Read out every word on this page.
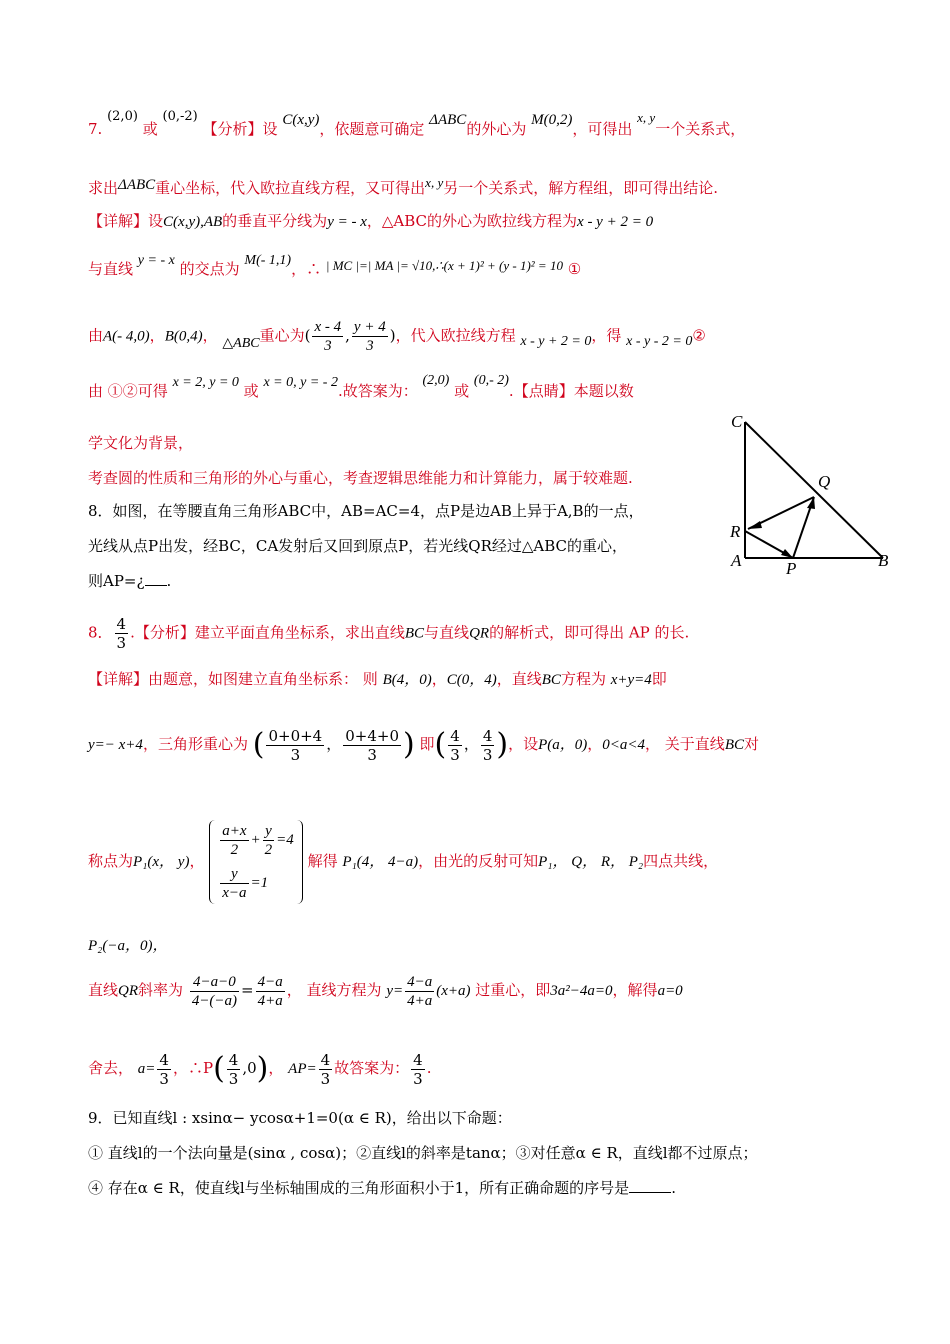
7. (2,0) 或 (0,-2) 【分析】设 C(x,y)，依题意可确定 ΔABC的外心为 M(0,2)，可得出 x, y一个关系式，
求出ΔABC重心坐标，代入欧拉直线方程，又可得出x, y另一个关系式，解方程组，即可得出结论.
【详解】设C(x,y),AB的垂直平分线为y = - x，△ABC的外心为欧拉线方程为x - y + 2 = 0
与直线 y = - x 的交点为 M(- 1,1)，∴ | MC |=| MA |= √10,∴(x + 1)² + (y - 1)² = 10 ①
由A(- 4,0)，B(0,4)， △ABC重心为( $\frac{x - 4}{3}$ , $\frac{y + 4}{3}$ )，代入欧拉线方程 x - y + 2 = 0，得 x - y - 2 = 0②
由 ①②可得 x = 2, y = 0 或 x = 0, y = - 2.故答案为： (2,0) 或 (0,- 2).【点睛】本题以数
学文化为背景，
考查圆的性质和三角形的外心与重心，考查逻辑思维能力和计算能力，属于较难题.
8．如图，在等腰直角三角形ABC中，AB=AC=4，点P是边AB上异于A,B的一点，
光线从点P出发，经BC，CA发射后又回到原点P，若光线QR经过△ABC的重心，
则AP=¿ .
C
Q
R
A	P	B
8． $\frac{4}{3}$ .【分析】建立平面直角坐标系，求出直线BC与直线QR的解析式，即可得出 AP 的长.
【详解】由题意，如图建立直角坐标系： 则 B(4，0)，C(0，4)，直线BC方程为 x+y=4即
y=− x+4，三角形重心为 ( $\frac{0+0+4}{3}$ ， $\frac{0+4+0}{3}$ ) 即( $\frac{4}{3}$ ， $\frac{4}{3}$ )，设P(a，0)，0<a<4， 关于直线BC对
称点为P₁(x， y)，
$\frac{a+x}{2} + \frac{y}{2} =4$
$\frac{y}{x-a} =1$
解得 P₁(4， 4−a)，由光的反射可知P₁， Q， R， P₂四点共线，
P₂(−a，0)，
直线QR斜率为 $\frac{4-a-0}{4-(-a)} = \frac{4-a}{4+a}$ ， 直线方程为 $y= \frac{4-a}{4+a} (x+a)$ 过重心，即3a²−4a=0，解得a=0
舍去， $a= \frac{4}{3}$ ，∴P( $\frac{4}{3} ,0$)， $AP= \frac{4}{3}$ 故答案为： $\frac{4}{3}$ .
9．已知直线l : xsinα− ycosα+1=0(α ∈ R)，给出以下命题：
① 直线l的一个法向量是(sinα , cosα)；②直线l的斜率是tanα；③对任意α ∈ R，直线l都不过原点；
④ 存在α ∈ R，使直线l与坐标轴围成的三角形面积小于1，所有正确命题的序号是	.
